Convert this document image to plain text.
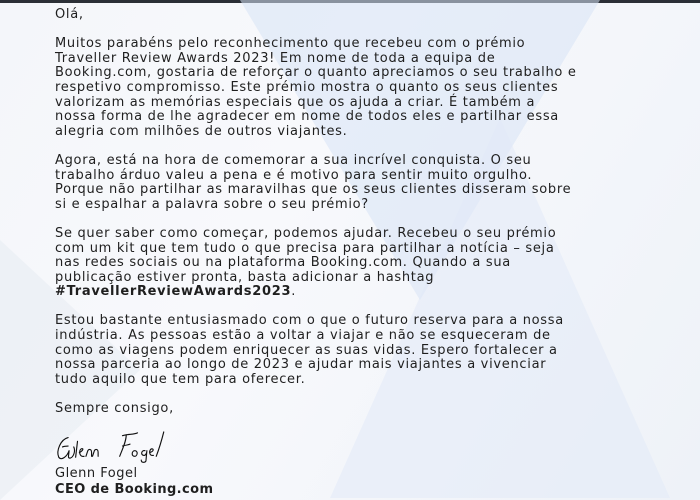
Olá,
Muitos parabéns pelo reconhecimento que recebeu com o prémio
Traveller Review Awards 2023! Em nome de toda a equipa de
Booking.com, gostaria de reforçar o quanto apreciamos o seu trabalho e
respetivo compromisso. Este prémio mostra o quanto os seus clientes
valorizam as memórias especiais que os ajuda a criar. É também a
nossa forma de lhe agradecer em nome de todos eles e partilhar essa
alegria com milhões de outros viajantes.
Agora, está na hora de comemorar a sua incrível conquista. O seu
trabalho árduo valeu a pena e é motivo para sentir muito orgulho.
Porque não partilhar as maravilhas que os seus clientes disseram sobre
si e espalhar a palavra sobre o seu prémio?
Se quer saber como começar, podemos ajudar. Recebeu o seu prémio
com um kit que tem tudo o que precisa para partilhar a notícia – seja
nas redes sociais ou na plataforma Booking.com. Quando a sua
publicação estiver pronta, basta adicionar a hashtag
#TravellerReviewAwards2023.
Estou bastante entusiasmado com o que o futuro reserva para a nossa
indústria. As pessoas estão a voltar a viajar e não se esqueceram de
como as viagens podem enriquecer as suas vidas. Espero fortalecer a
nossa parceria ao longo de 2023 e ajudar mais viajantes a vivenciar
tudo aquilo que tem para oferecer.
Sempre consigo,
Glenn Fogel
CEO de Booking.com
